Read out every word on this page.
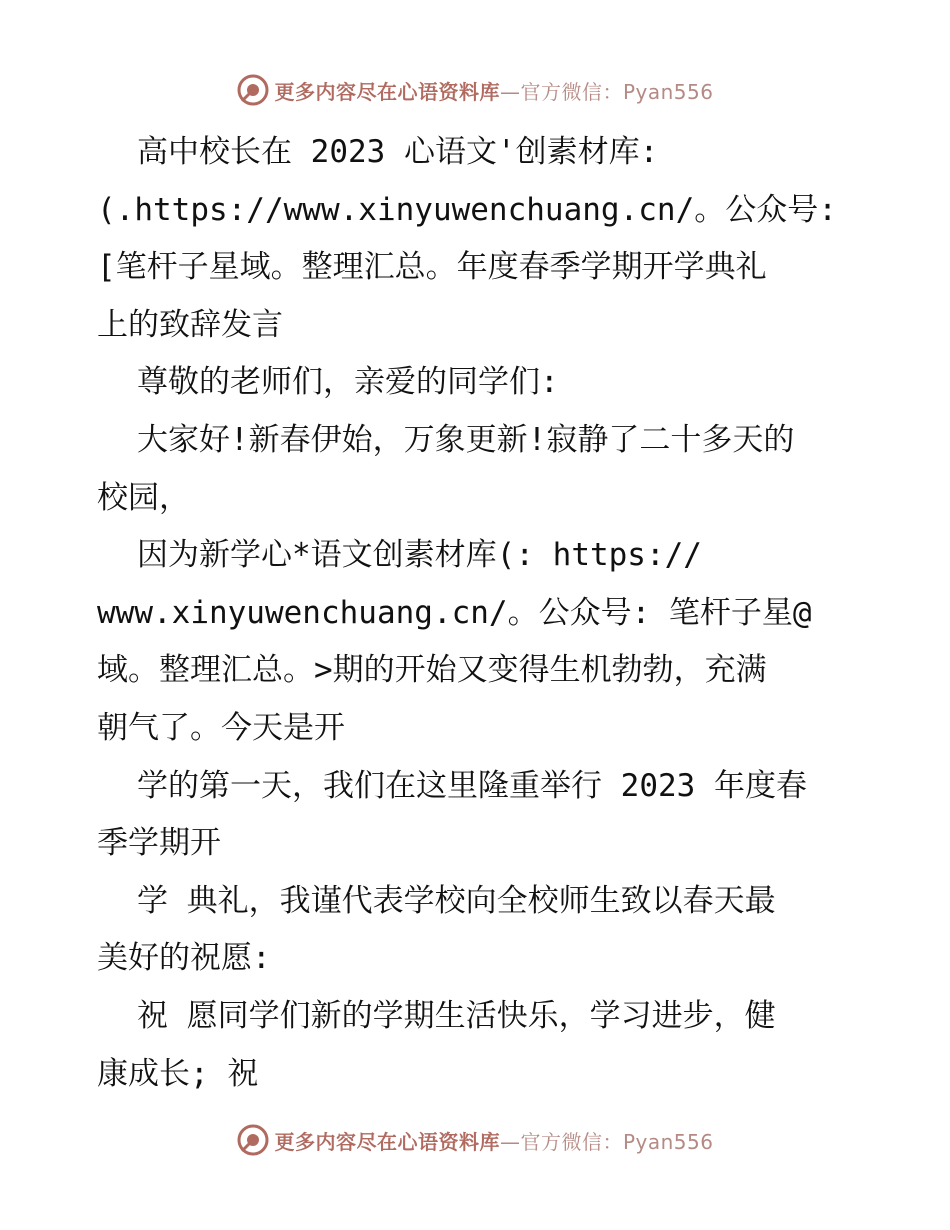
更多内容尽在心语资料库—官方微信：Pyan556
高中校长在 2023 心语文'创素材库:
(.https://www.xinyuwenchuang.cn/。公众号:
[笔杆子星域。整理汇总。年度春季学期开学典礼
上的致辞发言
尊敬的老师们，亲爱的同学们:
大家好!新春伊始，万象更新!寂静了二十多天的
校园，
因为新学心*语文创素材库(: https://
www.xinyuwenchuang.cn/。公众号: 笔杆子星@
域。整理汇总。>期的开始又变得生机勃勃，充满
朝气了。今天是开
学的第一天，我们在这里隆重举行 2023 年度春
季学期开
学 典礼，我谨代表学校向全校师生致以春天最
美好的祝愿:
祝 愿同学们新的学期生活快乐，学习进步，健
康成长; 祝
更多内容尽在心语资料库—官方微信：Pyan556
